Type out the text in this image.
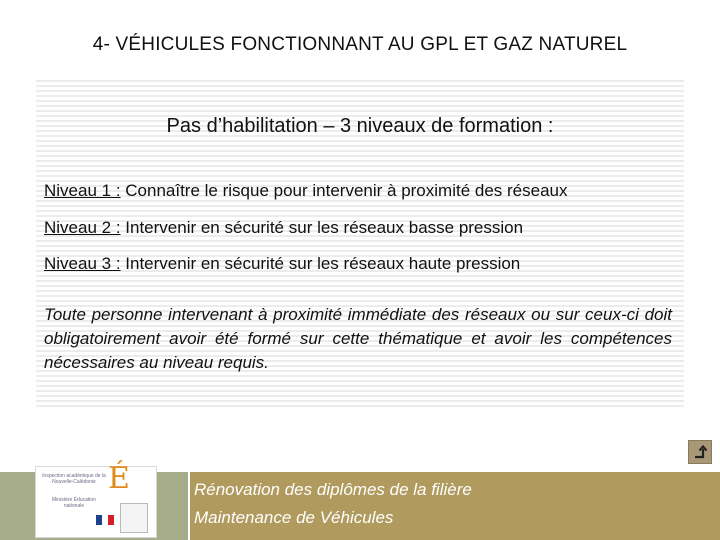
4- VÉHICULES FONCTIONNANT AU GPL ET GAZ NATUREL
Pas d’habilitation – 3 niveaux de formation :
Niveau 1 : Connaître le risque pour intervenir à proximité des réseaux
Niveau 2 : Intervenir en sécurité sur les réseaux basse pression
Niveau 3 : Intervenir en sécurité sur les réseaux haute pression
Toute personne intervenant à proximité immédiate des réseaux ou sur ceux-ci doit obligatoirement avoir été formé sur cette thématique et avoir les compétences nécessaires au niveau requis.
Inspection académique de la Nouvelle-Calédonie
Ministère Éducation nationale
É	Rénovation des diplômes de la filière
Maintenance de Véhicules
